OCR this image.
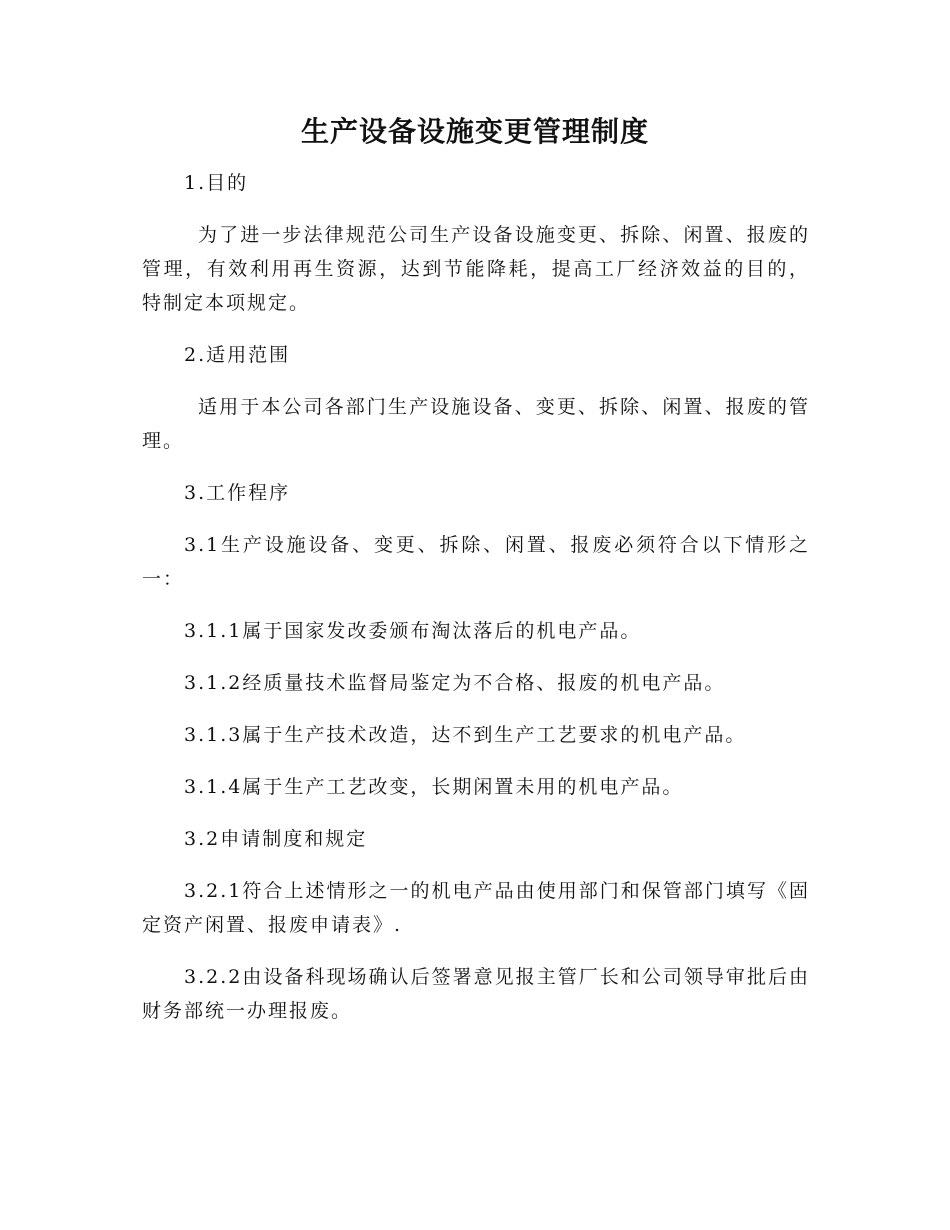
生产设备设施变更管理制度

1.目的

为了进一步法律规范公司生产设备设施变更、拆除、闲置、报废的管理，有效利用再生资源，达到节能降耗，提高工厂经济效益的目的，特制定本项规定。

2.适用范围

适用于本公司各部门生产设施设备、变更、拆除、闲置、报废的管理。

3.工作程序

3.1生产设施设备、变更、拆除、闲置、报废必须符合以下情形之一：

3.1.1属于国家发改委颁布淘汰落后的机电产品。

3.1.2经质量技术监督局鉴定为不合格、报废的机电产品。

3.1.3属于生产技术改造，达不到生产工艺要求的机电产品。

3.1.4属于生产工艺改变，长期闲置未用的机电产品。

3.2申请制度和规定

3.2.1符合上述情形之一的机电产品由使用部门和保管部门填写《固定资产闲置、报废申请表》.

3.2.2由设备科现场确认后签署意见报主管厂长和公司领导审批后由财务部统一办理报废。
